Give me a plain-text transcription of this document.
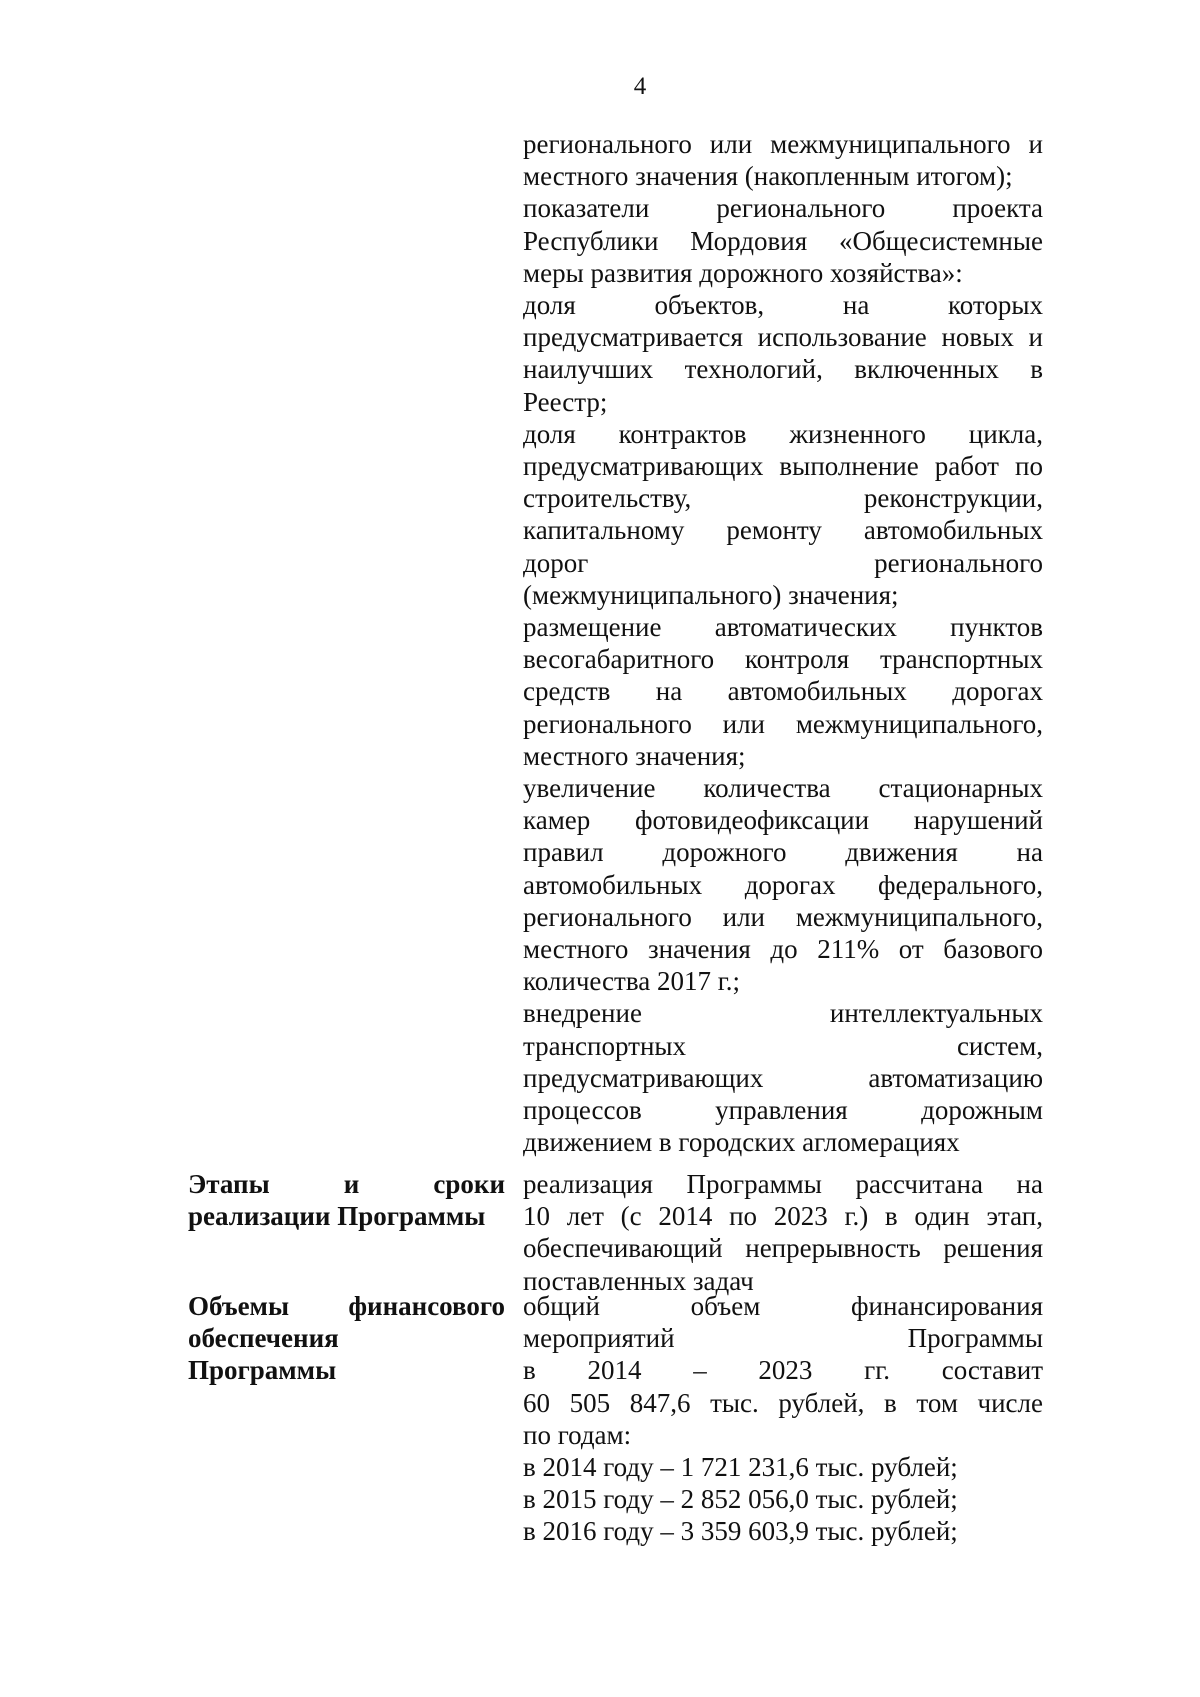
4
регионального или межмуниципального и
местного значения (накопленным итогом);
показатели регионального проекта
Республики Мордовия «Общесистемные
меры развития дорожного хозяйства»:
доля объектов, на которых
предусматривается использование новых и
наилучших технологий, включенных в
Реестр;
доля контрактов жизненного цикла,
предусматривающих выполнение работ по
строительству, реконструкции,
капитальному ремонту автомобильных
дорог регионального
(межмуниципального) значения;
размещение автоматических пунктов
весогабаритного контроля транспортных
средств на автомобильных дорогах
регионального или межмуниципального,
местного значения;
увеличение количества стационарных
камер фотовидеофиксации нарушений
правил дорожного движения на
автомобильных дорогах федерального,
регионального или межмуниципального,
местного значения до 211% от базового
количества 2017 г.;
внедрение интеллектуальных
транспортных систем,
предусматривающих автоматизацию
процессов управления дорожным
движением в городских агломерациях
Этапы и сроки
реализации Программы
реализация Программы рассчитана на
10 лет (с 2014 по 2023 г.) в один этап,
обеспечивающий непрерывность решения
поставленных задач
Объемы финансового
обеспечения
Программы
общий объем финансирования
мероприятий Программы
в 2014 – 2023 гг. составит
60 505 847,6 тыс. рублей, в том числе
по годам:
в 2014 году – 1 721 231,6 тыс. рублей;
в 2015 году – 2 852 056,0 тыс. рублей;
в 2016 году – 3 359 603,9 тыс. рублей;
